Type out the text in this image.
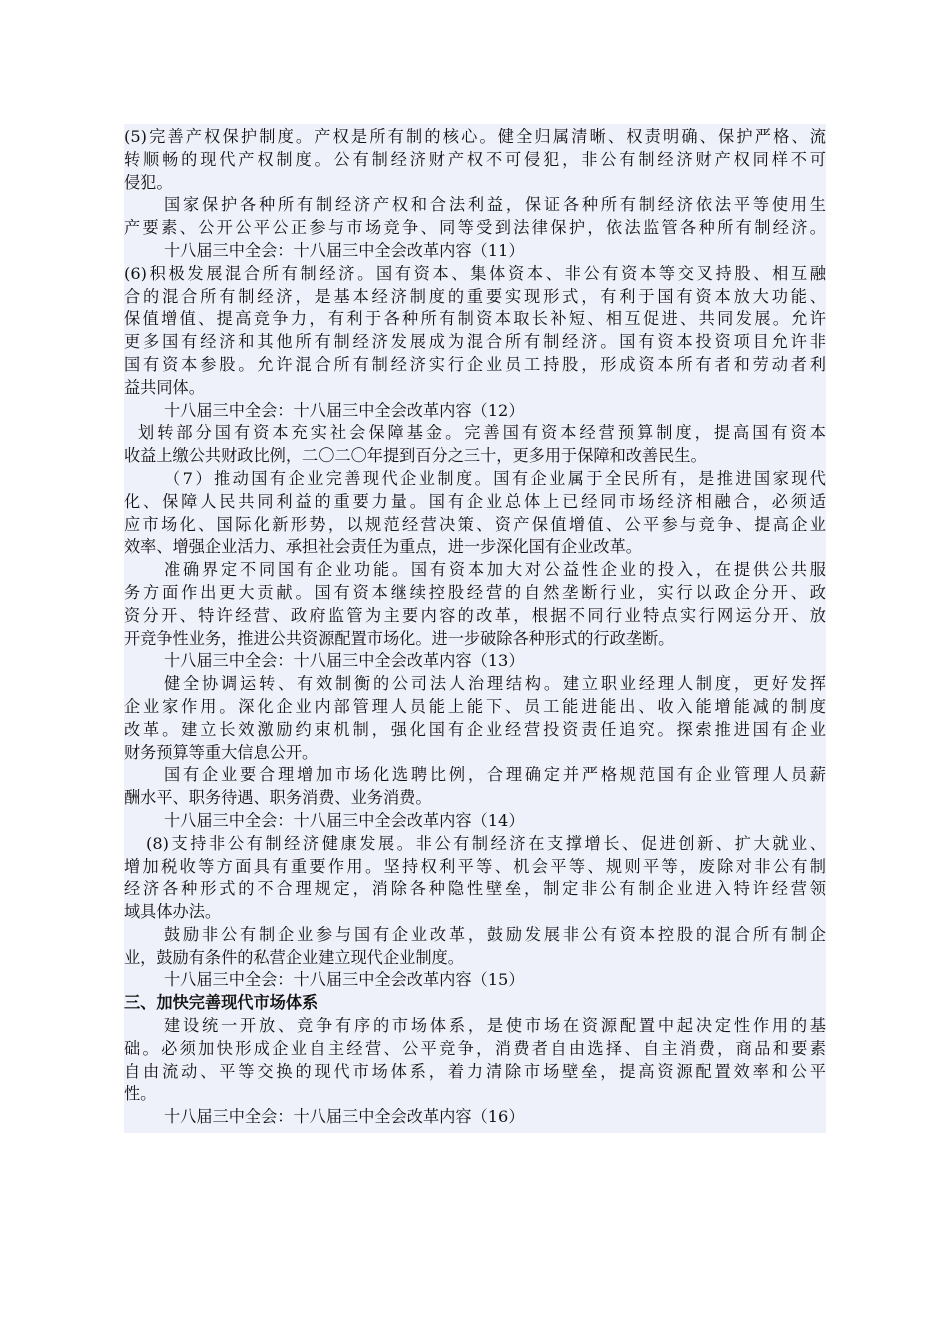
(5)完善产权保护制度。产权是所有制的核心。健全归属清晰、权责明确、保护严格、流
转顺畅的现代产权制度。公有制经济财产权不可侵犯，非公有制经济财产权同样不可
侵犯。
国家保护各种所有制经济产权和合法利益，保证各种所有制经济依法平等使用生
产要素、公开公平公正参与市场竞争、同等受到法律保护，依法监管各种所有制经济。
十八届三中全会：十八届三中全会改革内容（11）
(6)积极发展混合所有制经济。国有资本、集体资本、非公有资本等交叉持股、相互融
合的混合所有制经济，是基本经济制度的重要实现形式，有利于国有资本放大功能、
保值增值、提高竞争力，有利于各种所有制资本取长补短、相互促进、共同发展。允许
更多国有经济和其他所有制经济发展成为混合所有制经济。国有资本投资项目允许非
国有资本参股。允许混合所有制经济实行企业员工持股，形成资本所有者和劳动者利
益共同体。
十八届三中全会：十八届三中全会改革内容（12）
划转部分国有资本充实社会保障基金。完善国有资本经营预算制度，提高国有资本
收益上缴公共财政比例，二〇二〇年提到百分之三十，更多用于保障和改善民生。
（7）推动国有企业完善现代企业制度。国有企业属于全民所有，是推进国家现代
化、保障人民共同利益的重要力量。国有企业总体上已经同市场经济相融合，必须适
应市场化、国际化新形势，以规范经营决策、资产保值增值、公平参与竞争、提高企业
效率、增强企业活力、承担社会责任为重点，进一步深化国有企业改革。
准确界定不同国有企业功能。国有资本加大对公益性企业的投入，在提供公共服
务方面作出更大贡献。国有资本继续控股经营的自然垄断行业，实行以政企分开、政
资分开、特许经营、政府监管为主要内容的改革，根据不同行业特点实行网运分开、放
开竞争性业务，推进公共资源配置市场化。进一步破除各种形式的行政垄断。
十八届三中全会：十八届三中全会改革内容（13）
健全协调运转、有效制衡的公司法人治理结构。建立职业经理人制度，更好发挥
企业家作用。深化企业内部管理人员能上能下、员工能进能出、收入能增能减的制度
改革。建立长效激励约束机制，强化国有企业经营投资责任追究。探索推进国有企业
财务预算等重大信息公开。
国有企业要合理增加市场化选聘比例，合理确定并严格规范国有企业管理人员薪
酬水平、职务待遇、职务消费、业务消费。
十八届三中全会：十八届三中全会改革内容（14）
(8)支持非公有制经济健康发展。非公有制经济在支撑增长、促进创新、扩大就业、
增加税收等方面具有重要作用。坚持权利平等、机会平等、规则平等，废除对非公有制
经济各种形式的不合理规定，消除各种隐性壁垒，制定非公有制企业进入特许经营领
域具体办法。
鼓励非公有制企业参与国有企业改革，鼓励发展非公有资本控股的混合所有制企
业，鼓励有条件的私营企业建立现代企业制度。
十八届三中全会：十八届三中全会改革内容（15）
三、加快完善现代市场体系
建设统一开放、竞争有序的市场体系，是使市场在资源配置中起决定性作用的基
础。必须加快形成企业自主经营、公平竞争，消费者自由选择、自主消费，商品和要素
自由流动、平等交换的现代市场体系，着力清除市场壁垒，提高资源配置效率和公平
性。
十八届三中全会：十八届三中全会改革内容（16）
